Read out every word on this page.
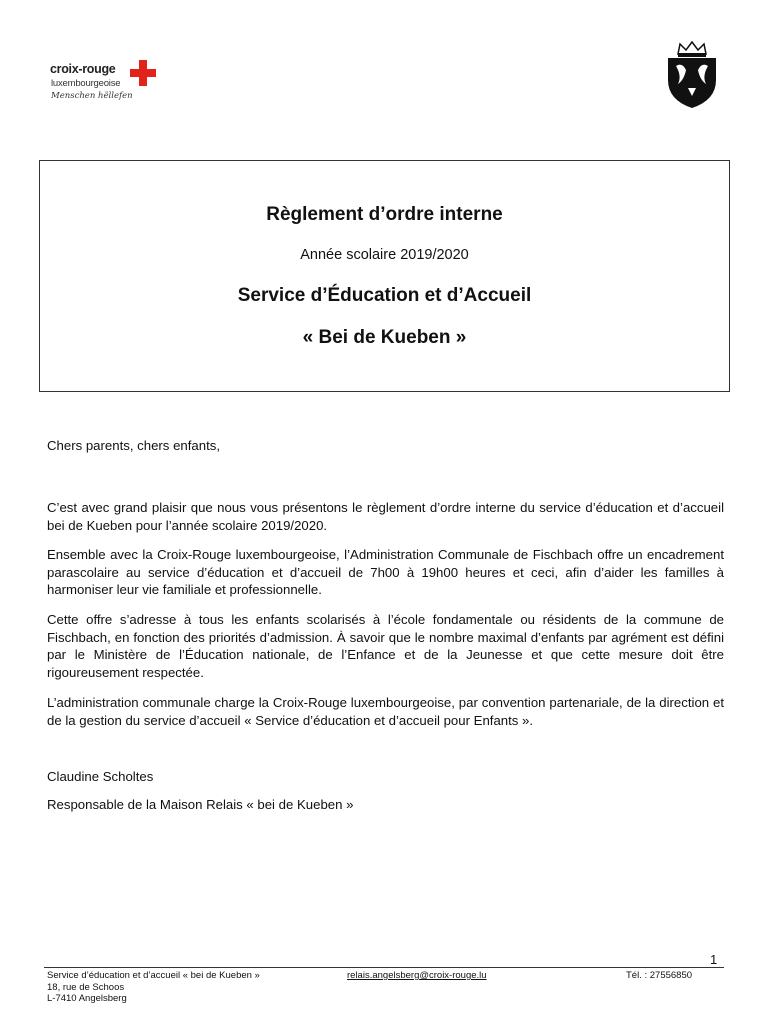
croix-rouge
luxembourgeoise
Menschen hëllefen
Règlement d’ordre interne
Année scolaire 2019/2020
Service d’Éducation et d’Accueil
« Bei de Kueben »

Chers parents, chers enfants,

C’est avec grand plaisir que nous vous présentons le règlement d’ordre interne du service d’éducation et d’accueil bei de Kueben pour l’année scolaire 2019/2020.

Ensemble avec la Croix-Rouge luxembourgeoise, l’Administration Communale de Fischbach offre un encadrement parascolaire au service d’éducation et d’accueil de 7h00 à 19h00 heures et ceci, afin d’aider les familles à harmoniser leur vie familiale et professionnelle.

Cette offre s’adresse à tous les enfants scolarisés à l’école fondamentale ou résidents de la commune de Fischbach, en fonction des priorités d’admission. À savoir que le nombre maximal d’enfants par agrément est défini par le Ministère de l’Éducation nationale, de l’Enfance et de la Jeunesse et que cette mesure doit être rigoureusement respectée.

L’administration communale charge la Croix-Rouge luxembourgeoise, par convention partenariale, de la direction et de la gestion du service d’accueil « Service d’éducation et d’accueil pour Enfants ».

Claudine Scholtes

Responsable de la Maison Relais « bei de Kueben »

1
Service d’éducation et d’accueil « bei de Kueben »
18, rue de Schoos
L-7410 Angelsberg
relais.angelsberg@croix-rouge.lu	Tél. : 27556850
